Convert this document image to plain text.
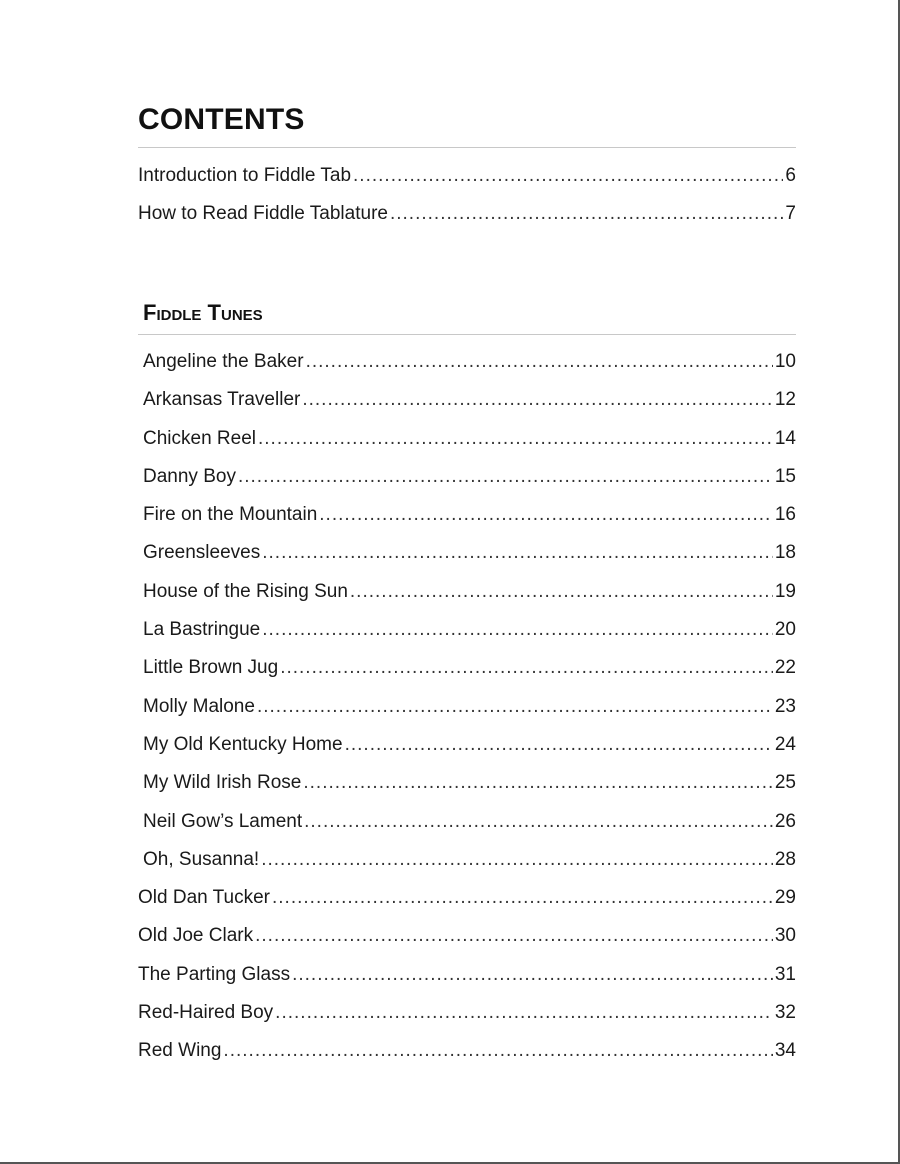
CONTENTS
Introduction to Fiddle Tab .....	6
How to Read Fiddle Tablature .....	7
Fiddle Tunes
Angeline the Baker .....	10
Arkansas Traveller .....	12
Chicken Reel .....	14
Danny Boy .....	15
Fire on the Mountain .....	16
Greensleeves .....	18
House of the Rising Sun .....	19
La Bastringue .....	20
Little Brown Jug .....	22
Molly Malone .....	23
My Old Kentucky Home .....	24
My Wild Irish Rose .....	25
Neil Gow’s Lament .....	26
Oh, Susanna! .....	28
Old Dan Tucker .....	29
Old Joe Clark .....	30
The Parting Glass .....	31
Red-Haired Boy .....	32
Red Wing .....	34
